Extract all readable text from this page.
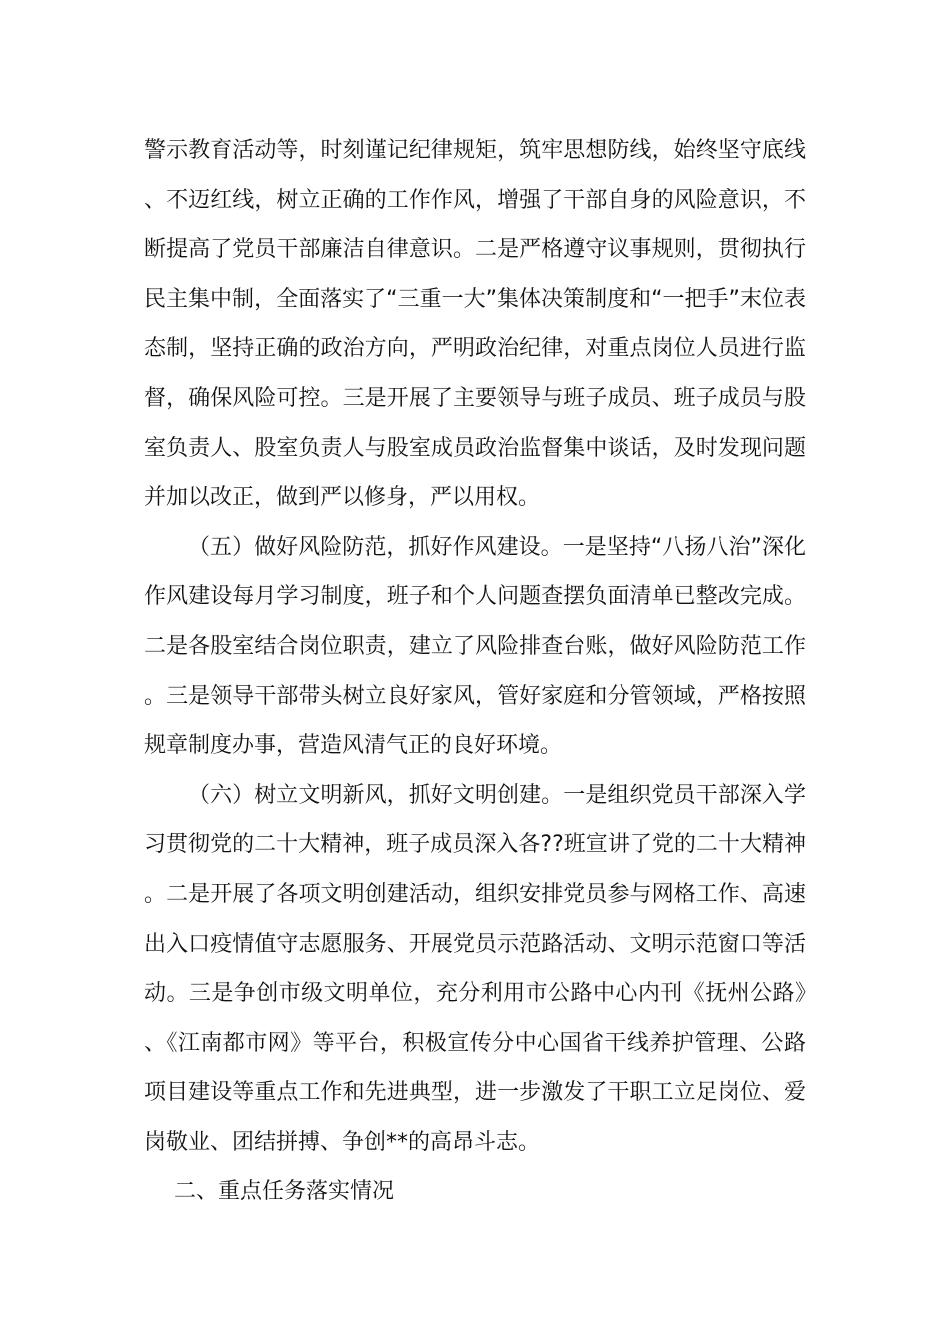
警示教育活动等，时刻谨记纪律规矩，筑牢思想防线，始终坚守底线、不迈红线，树立正确的工作作风，增强了干部自身的风险意识，不断提高了党员干部廉洁自律意识。二是严格遵守议事规则，贯彻执行民主集中制，全面落实了“三重一大”集体决策制度和“一把手”末位表态制，坚持正确的政治方向，严明政治纪律，对重点岗位人员进行监督，确保风险可控。三是开展了主要领导与班子成员、班子成员与股室负责人、股室负责人与股室成员政治监督集中谈话，及时发现问题并加以改正，做到严以修身，严以用权。

（五）做好风险防范，抓好作风建设。一是坚持“八扬八治”深化作风建设每月学习制度，班子和个人问题查摆负面清单已整改完成。二是各股室结合岗位职责，建立了风险排查台账，做好风险防范工作。三是领导干部带头树立良好家风，管好家庭和分管领域，严格按照规章制度办事，营造风清气正的良好环境。

（六）树立文明新风，抓好文明创建。一是组织党员干部深入学习贯彻党的二十大精神，班子成员深入各??班宣讲了党的二十大精神。二是开展了各项文明创建活动，组织安排党员参与网格工作、高速出入口疫情值守志愿服务、开展党员示范路活动、文明示范窗口等活动。三是争创市级文明单位，充分利用市公路中心内刊《抚州公路》、《江南都市网》等平台，积极宣传分中心国省干线养护管理、公路项目建设等重点工作和先进典型，进一步激发了干职工立足岗位、爱岗敬业、团结拼搏、争创**的高昂斗志。

二、重点任务落实情况
